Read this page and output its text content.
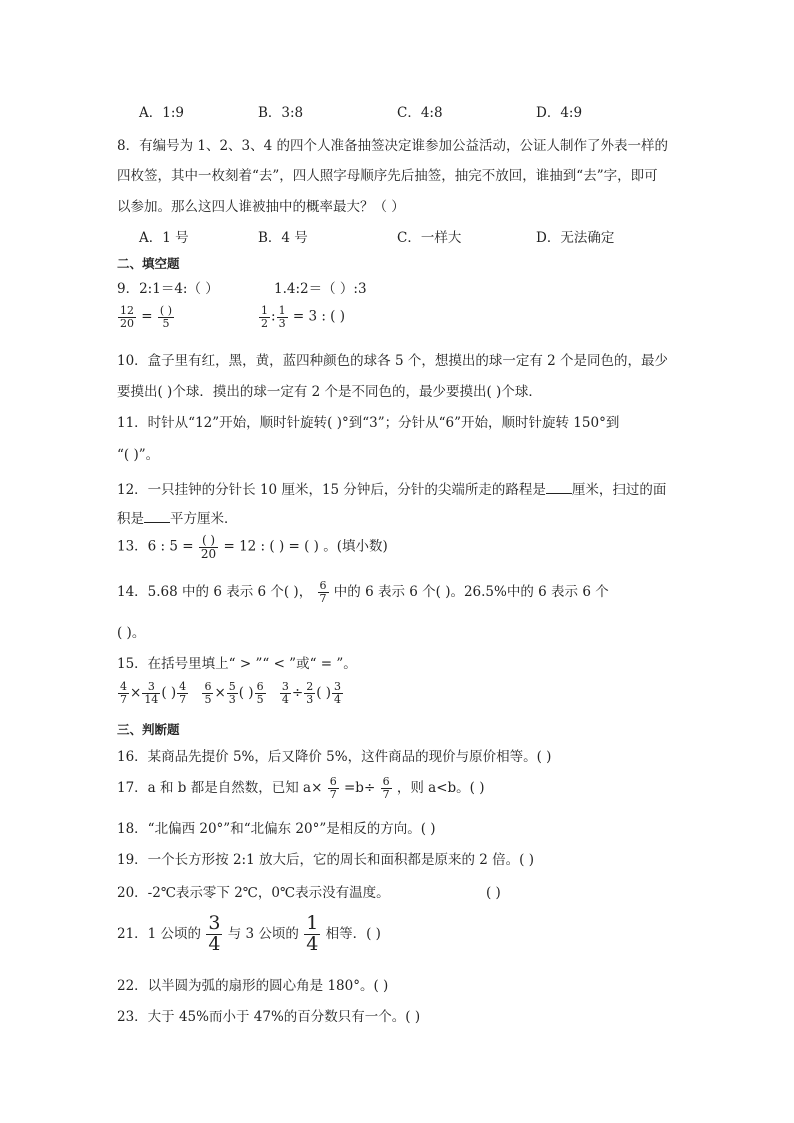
A．1:9	B．3:8	C．4:8	D．4:9
8．有编号为 1、2、3、4 的四个人准备抽签决定谁参加公益活动，公证人制作了外表一样的
四枚签，其中一枚刻着“去”，四人照字母顺序先后抽签，抽完不放回，谁抽到“去”字，即可
以参加。那么这四人谁被抽中的概率最大？（ ）
A．1 号	B．4 号	C．一样大	D．无法确定
二、填空题
9．2:1＝4:（ ）	1.4:2＝（ ）:3
$\frac{12}{20} = \frac{( )}{5}$	$\frac{1}{2}$ : $\frac{1}{3} = 3$ : ( )
10．盒子里有红，黑，黄，蓝四种颜色的球各 5 个，想摸出的球一定有 2 个是同色的，最少
要摸出( )个球．摸出的球一定有 2 个是不同色的，最少要摸出( )个球．
11．时针从“12”开始，顺时针旋转( )°到“3”；分针从“6”开始，顺时针旋转 150°到
“( )”。
12．一只挂钟的分针长 10 厘米，15 分钟后，分针的尖端所走的路程是 厘米，扫过的面
积是 平方厘米．
13．6 : $5 = \frac{( )}{20} = 12$ : ( ) = ( ) 。(填小数)
14．5.68 中的 6 表示 6 个( )， $\frac{6}{7}$ 中的 6 表示 6 个( )。26.5%中的 6 表示 6 个
( )。
15．在括号里填上“ > ”“ < ”或“ = ”。
$\frac{4}{7} \times \frac{3}{14}$ ( ) $\frac{4}{7}$
$\frac{6}{5} \times \frac{5}{3}$ ( ) $\frac{6}{5}$
$\frac{3}{4} \div \frac{2}{3}$ ( ) $\frac{3}{4}$
三、判断题
16．某商品先提价 5%，后又降价 5%，这件商品的现价与原价相等。( )
17．a 和 b 都是自然数，已知 $a\times \frac{6}{7} =b\div \frac{6}{7}$ ，则 a<b。( )
18．“北偏西 20°”和“北偏东 20°”是相反的方向。( )
19．一个长方形按 2:1 放大后，它的周长和面积都是原来的 2 倍。( )
20．-2℃表示零下 2℃，0℃表示没有温度。	( )
21．1 公顷的 $\frac{3}{4}$ 与 3 公顷的 $\frac{1}{4}$ 相等．( )
22．以半圆为弧的扇形的圆心角是 180°。( )
23．大于 45%而小于 47%的百分数只有一个。( )
